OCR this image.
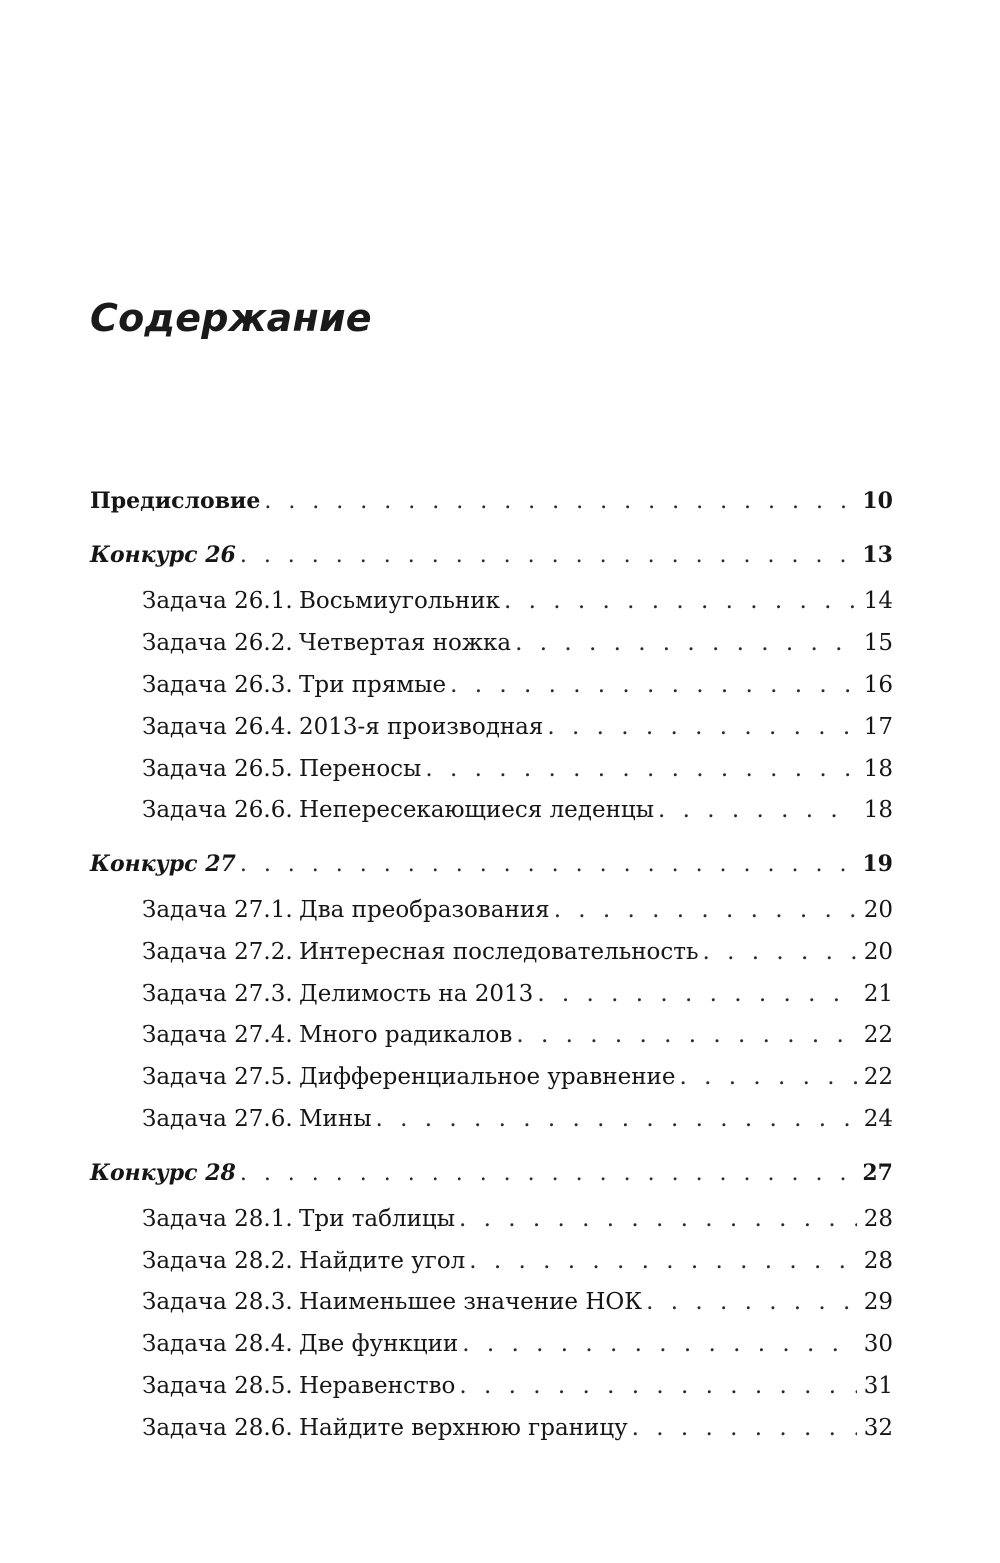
Содержание
Предисловие . . .	10
Конкурс 26 . . .	13
Задача 26.1. Восьмиугольник . . .	14
Задача 26.2. Четвертая ножка . . .	15
Задача 26.3. Три прямые . . .	16
Задача 26.4. 2013-я производная . . .	17
Задача 26.5. Переносы . . .	18
Задача 26.6. Непересекающиеся леденцы . . .	18
Конкурс 27 . . .	19
Задача 27.1. Два преобразования . . .	20
Задача 27.2. Интересная последовательность . . .	20
Задача 27.3. Делимость на 2013 . . .	21
Задача 27.4. Много радикалов . . .	22
Задача 27.5. Дифференциальное уравнение . . .	22
Задача 27.6. Мины . . .	24
Конкурс 28 . . .	27
Задача 28.1. Три таблицы . . .	28
Задача 28.2. Найдите угол . . .	28
Задача 28.3. Наименьшее значение НОК . . .	29
Задача 28.4. Две функции . . .	30
Задача 28.5. Неравенство . . .	31
Задача 28.6. Найдите верхнюю границу . . .	32
